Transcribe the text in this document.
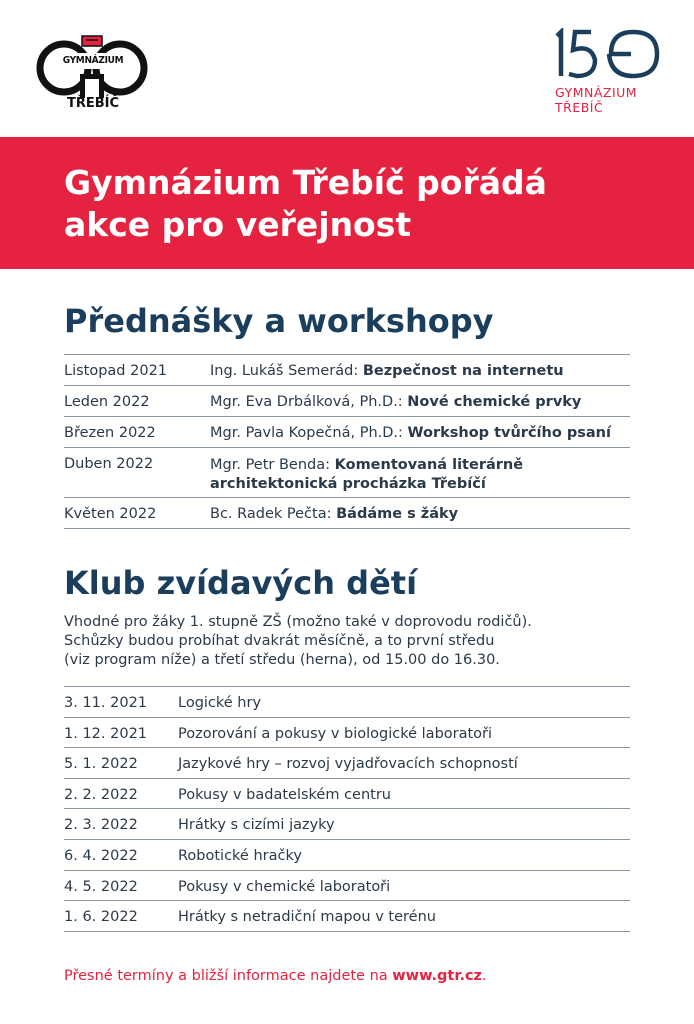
GYMNÁZIUM
TŘEBÍČ
GYMNÁZIUM
TŘEBÍČ
Gymnázium Třebíč pořádá
akce pro veřejnost
Přednášky a workshopy
Listopad 2021	Ing. Lukáš Semerád: Bezpečnost na internetu
Leden 2022	Mgr. Eva Drbálková, Ph.D.: Nové chemické prvky
Březen 2022	Mgr. Pavla Kopečná, Ph.D.: Workshop tvůrčího psaní
Duben 2022	Mgr. Petr Benda: Komentovaná literárně
architektonická procházka Třebíčí
Květen 2022	Bc. Radek Pečta: Bádáme s žáky
Klub zvídavých dětí
Vhodné pro žáky 1. stupně ZŠ (možno také v doprovodu rodičů).
Schůzky budou probíhat dvakrát měsíčně, a to první středu
(viz program níže) a třetí středu (herna), od 15.00 do 16.30.
3. 11. 2021 Logické hry
1. 12. 2021 Pozorování a pokusy v biologické laboratoři
5. 1. 2022	Jazykové hry – rozvoj vyjadřovacích schopností
2. 2. 2022	Pokusy v badatelském centru
2. 3. 2022	Hrátky s cizími jazyky
6. 4. 2022	Robotické hračky
4. 5. 2022	Pokusy v chemické laboratoři
1. 6. 2022	Hrátky s netradiční mapou v terénu
Přesné termíny a bližší informace najdete na www.gtr.cz.
